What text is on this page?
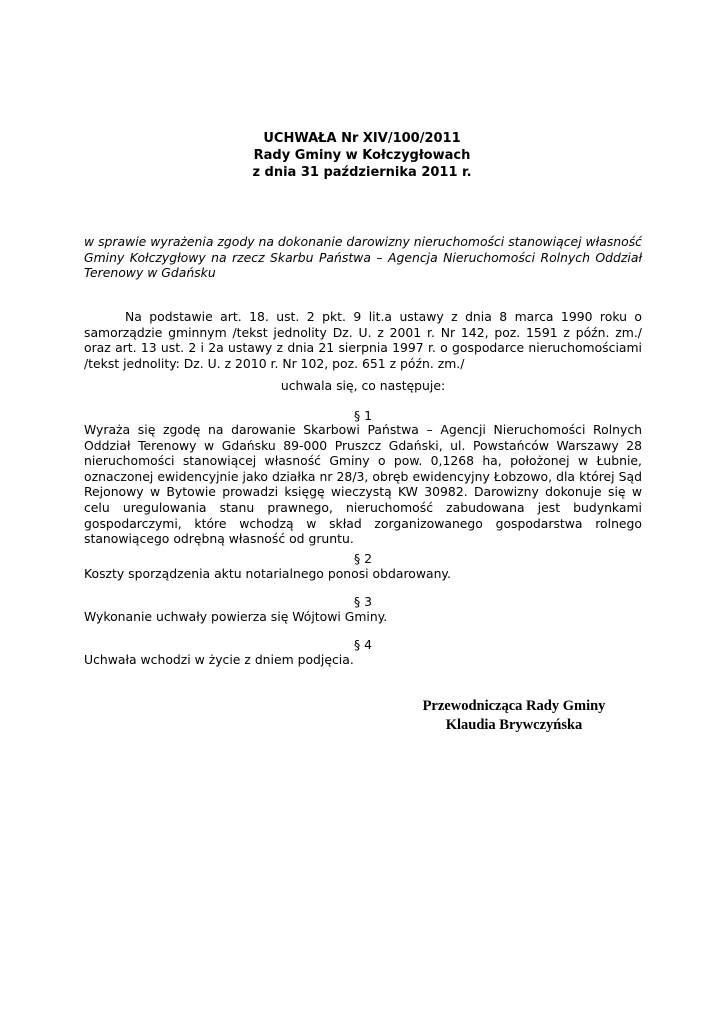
UCHWAŁA Nr XIV/100/2011
Rady Gminy w Kołczygłowach
z dnia 31 października 2011 r.
w sprawie wyrażenia zgody na dokonanie darowizny nieruchomości stanowiącej własność Gminy Kołczygłowy na rzecz Skarbu Państwa – Agencja Nieruchomości Rolnych Oddział Terenowy w Gdańsku
Na podstawie art. 18. ust. 2 pkt. 9 lit.a ustawy z dnia 8 marca 1990 roku o samorządzie gminnym /tekst jednolity Dz. U. z 2001 r. Nr 142, poz. 1591 z późn. zm./ oraz art. 13 ust. 2 i 2a ustawy z dnia 21 sierpnia 1997 r. o gospodarce nieruchomościami /tekst jednolity: Dz. U. z 2010 r. Nr 102, poz. 651 z późn. zm./
uchwala się, co następuje:
§ 1
Wyraża się zgodę na darowanie Skarbowi Państwa – Agencji Nieruchomości Rolnych Oddział Terenowy w Gdańsku 89-000 Pruszcz Gdański, ul. Powstańców Warszawy 28 nieruchomości stanowiącej własność Gminy o pow. 0,1268 ha, położonej w Łubnie, oznaczonej ewidencyjnie jako działka nr 28/3, obręb ewidencyjny Łobzowo, dla której Sąd Rejonowy w Bytowie prowadzi księgę wieczystą KW 30982. Darowizny dokonuje się w celu uregulowania stanu prawnego, nieruchomość zabudowana jest budynkami gospodarczymi, które wchodzą w skład zorganizowanego gospodarstwa rolnego stanowiącego odrębną własność od gruntu.
§ 2
Koszty sporządzenia aktu notarialnego ponosi obdarowany.
§ 3
Wykonanie uchwały powierza się Wójtowi Gminy.
§ 4
Uchwała wchodzi w życie z dniem podjęcia.
Przewodnicząca Rady Gminy
Klaudia Brywczyńska
